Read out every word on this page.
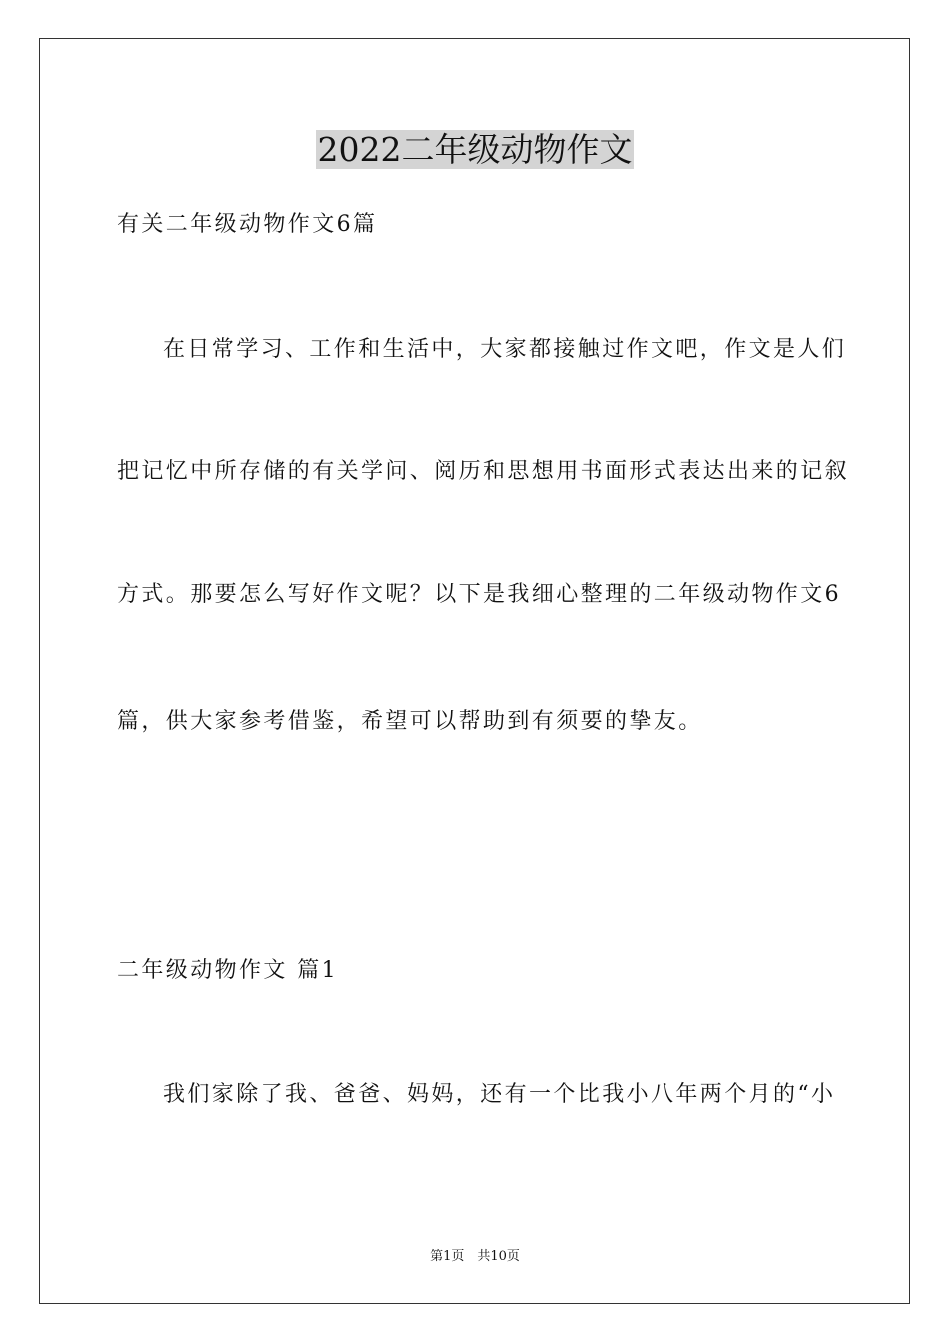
2022二年级动物作文

有关二年级动物作文6篇

在日常学习、工作和生活中，大家都接触过作文吧，作文是人们

把记忆中所存储的有关学问、阅历和思想用书面形式表达出来的记叙

方式。那要怎么写好作文呢？以下是我细心整理的二年级动物作文6

篇，供大家参考借鉴，希望可以帮助到有须要的挚友。

二年级动物作文 篇1

我们家除了我、爸爸、妈妈，还有一个比我小八年两个月的“小

第1页　共10页
